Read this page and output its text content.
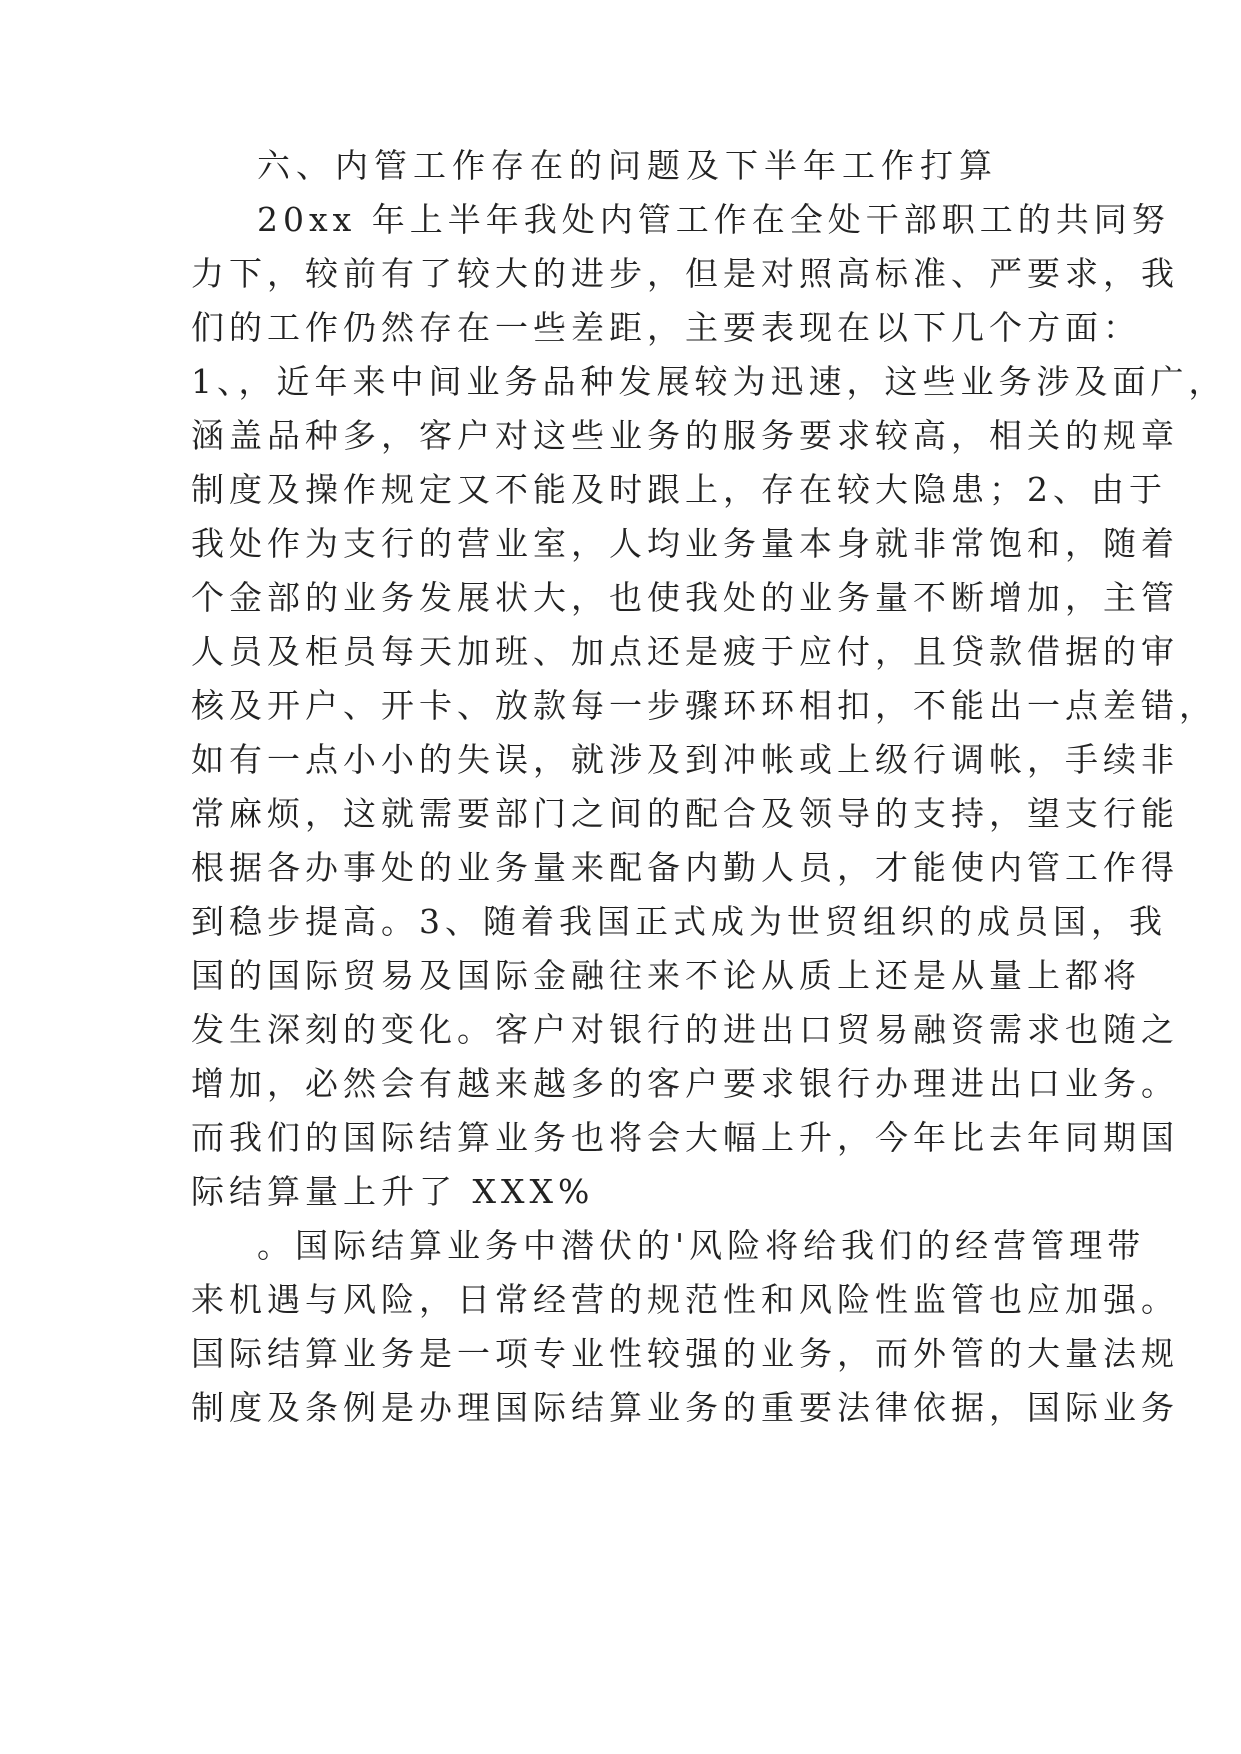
六、内管工作存在的问题及下半年工作打算
20xx 年上半年我处内管工作在全处干部职工的共同努
力下，较前有了较大的进步，但是对照高标准、严要求，我
们的工作仍然存在一些差距，主要表现在以下几个方面：
1、，近年来中间业务品种发展较为迅速，这些业务涉及面广，
涵盖品种多，客户对这些业务的服务要求较高，相关的规章
制度及操作规定又不能及时跟上，存在较大隐患；2、由于
我处作为支行的营业室，人均业务量本身就非常饱和，随着
个金部的业务发展状大，也使我处的业务量不断增加，主管
人员及柜员每天加班、加点还是疲于应付，且贷款借据的审
核及开户、开卡、放款每一步骤环环相扣，不能出一点差错，
如有一点小小的失误，就涉及到冲帐或上级行调帐，手续非
常麻烦，这就需要部门之间的配合及领导的支持，望支行能
根据各办事处的业务量来配备内勤人员，才能使内管工作得
到稳步提高。3、随着我国正式成为世贸组织的成员国，我
国的国际贸易及国际金融往来不论从质上还是从量上都将
发生深刻的变化。客户对银行的进出口贸易融资需求也随之
增加，必然会有越来越多的客户要求银行办理进出口业务。
而我们的国际结算业务也将会大幅上升，今年比去年同期国
际结算量上升了 XXX%
。国际结算业务中潜伏的'风险将给我们的经营管理带
来机遇与风险，日常经营的规范性和风险性监管也应加强。
国际结算业务是一项专业性较强的业务，而外管的大量法规
制度及条例是办理国际结算业务的重要法律依据，国际业务
